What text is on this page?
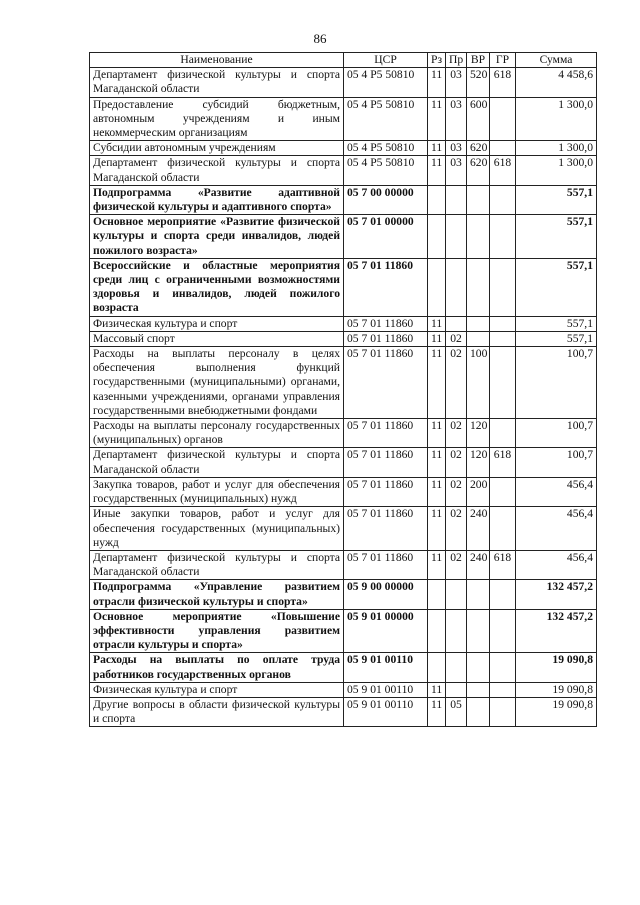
86
Наименование	ЦСР	Рз	Пр	ВР	ГР	Сумма
Департамент физической культуры и спорта Магаданской области	05 4 Р5 50810	11	03	520	618	4 458,6
Предоставление субсидий бюджетным, автономным учреждениям и иным некоммерческим организациям	05 4 Р5 50810	11	03	600		1 300,0
Субсидии автономным учреждениям	05 4 Р5 50810	11	03	620		1 300,0
Департамент физической культуры и спорта Магаданской области	05 4 Р5 50810	11	03	620	618	1 300,0
Подпрограмма «Развитие адаптивной физической культуры и адаптивного спорта»	05 7 00 00000					557,1
Основное мероприятие «Развитие физической культуры и спорта среди инвалидов, людей пожилого возраста»	05 7 01 00000					557,1
Всероссийские и областные мероприятия среди лиц с ограниченными возможностями здоровья и инвалидов, людей пожилого возраста	05 7 01 11860					557,1
Физическая культура и спорт	05 7 01 11860	11				557,1
Массовый спорт	05 7 01 11860	11	02			557,1
Расходы на выплаты персоналу в целях обеспечения выполнения функций государственными (муниципальными) органами, казенными учреждениями, органами управления государственными внебюджетными фондами	05 7 01 11860	11	02	100		100,7
Расходы на выплаты персоналу государственных (муниципальных) органов	05 7 01 11860	11	02	120		100,7
Департамент физической культуры и спорта Магаданской области	05 7 01 11860	11	02	120	618	100,7
Закупка товаров, работ и услуг для обеспечения государственных (муниципальных) нужд	05 7 01 11860	11	02	200		456,4
Иные закупки товаров, работ и услуг для обеспечения государственных (муниципальных) нужд	05 7 01 11860	11	02	240		456,4
Департамент физической культуры и спорта Магаданской области	05 7 01 11860	11	02	240	618	456,4
Подпрограмма «Управление развитием отрасли физической культуры и спорта»	05 9 00 00000					132 457,2
Основное мероприятие «Повышение эффективности управления развитием отрасли культуры и спорта»	05 9 01 00000					132 457,2
Расходы на выплаты по оплате труда работников государственных органов	05 9 01 00110					19 090,8
Физическая культура и спорт	05 9 01 00110	11				19 090,8
Другие вопросы в области физической культуры и спорта	05 9 01 00110	11	05			19 090,8
